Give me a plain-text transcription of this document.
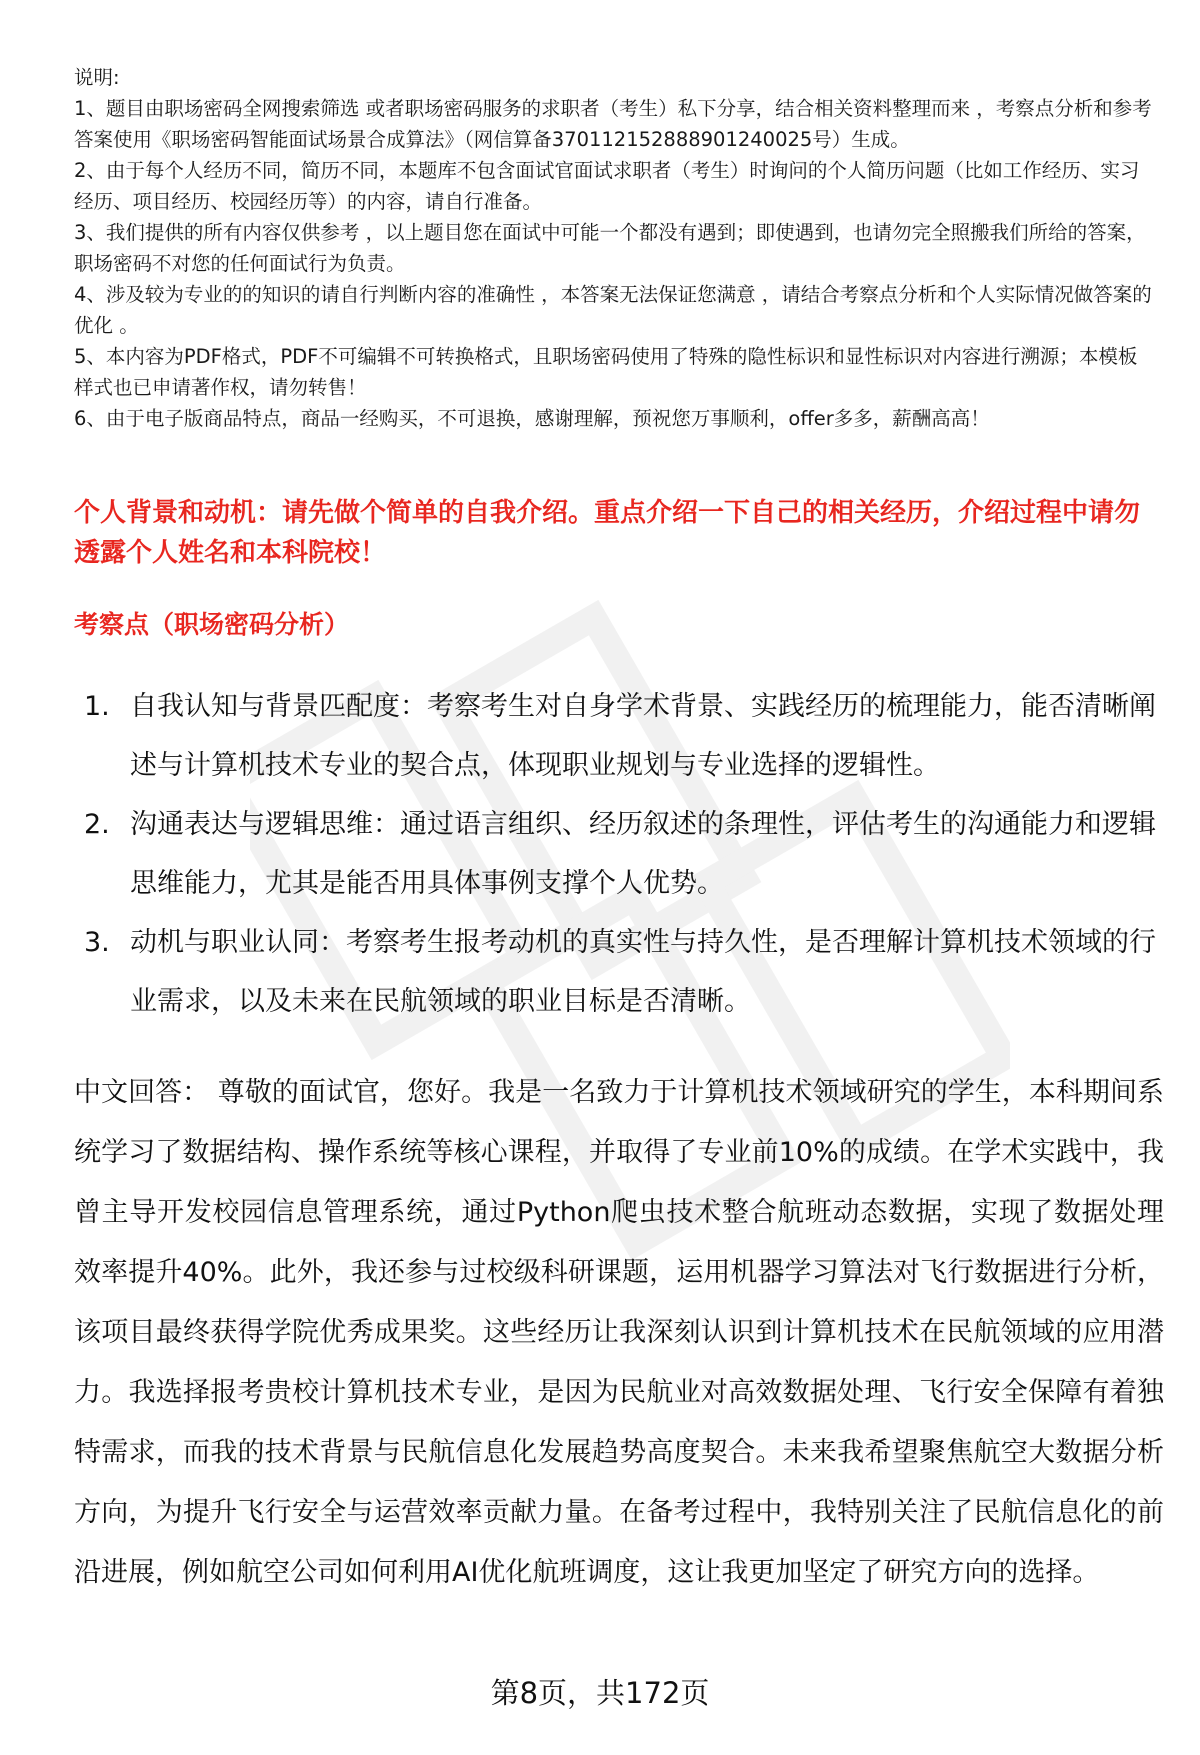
说明:

1、题目由职场密码全网搜索筛选 或者职场密码服务的求职者（考生）私下分享，结合相关资料整理而来 ，考察点分析和参考答案使用《职场密码智能面试场景合成算法》（网信算备370112152888901240025号）生成。

2、由于每个人经历不同，简历不同，本题库不包含面试官面试求职者（考生）时询问的个人简历问题（比如工作经历、实习经历、项目经历、校园经历等）的内容，请自行准备。

3、我们提供的所有内容仅供参考 ，以上题目您在面试中可能一个都没有遇到；即使遇到，也请勿完全照搬我们所给的答案，职场密码不对您的任何面试行为负责。

4、涉及较为专业的的知识的请自行判断内容的准确性 ，本答案无法保证您满意 ，请结合考察点分析和个人实际情况做答案的优化 。

5、本内容为PDF格式，PDF不可编辑不可转换格式，且职场密码使用了特殊的隐性标识和显性标识对内容进行溯源；本模板样式也已申请著作权，请勿转售！

6、由于电子版商品特点，商品一经购买，不可退换，感谢理解，预祝您万事顺利，offer多多，薪酬高高！

个人背景和动机：请先做个简单的自我介绍。重点介绍一下自己的相关经历，介绍过程中请勿透露个人姓名和本科院校！
考察点（职场密码分析）
1. 自我认知与背景匹配度：考察考生对自身学术背景、实践经历的梳理能力，能否清晰阐述与计算机技术专业的契合点，体现职业规划与专业选择的逻辑性。
2. 沟通表达与逻辑思维：通过语言组织、经历叙述的条理性，评估考生的沟通能力和逻辑思维能力，尤其是能否用具体事例支撑个人优势。
3. 动机与职业认同：考察考生报考动机的真实性与持久性，是否理解计算机技术领域的行业需求，以及未来在民航领域的职业目标是否清晰。

中文回答： 尊敬的面试官，您好。我是一名致力于计算机技术领域研究的学生，本科期间系统学习了数据结构、操作系统等核心课程，并取得了专业前10%的成绩。在学术实践中，我曾主导开发校园信息管理系统，通过Python爬虫技术整合航班动态数据，实现了数据处理效率提升40%。此外，我还参与过校级科研课题，运用机器学习算法对飞行数据进行分析，该项目最终获得学院优秀成果奖。这些经历让我深刻认识到计算机技术在民航领域的应用潜力。我选择报考贵校计算机技术专业，是因为民航业对高效数据处理、飞行安全保障有着独特需求，而我的技术背景与民航信息化发展趋势高度契合。未来我希望聚焦航空大数据分析方向，为提升飞行安全与运营效率贡献力量。在备考过程中，我特别关注了民航信息化的前沿进展，例如航空公司如何利用AI优化航班调度，这让我更加坚定了研究方向的选择。

第8页，共172页
